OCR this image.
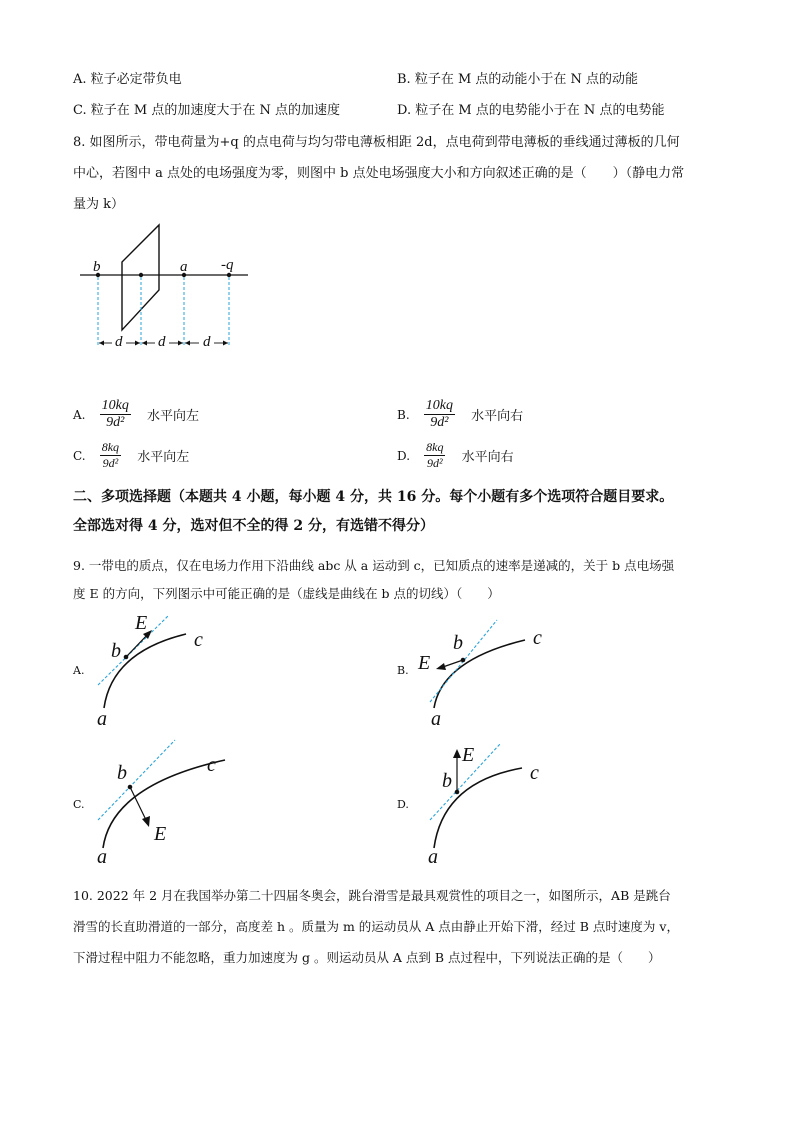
A. 粒子必定带负电	B. 粒子在 M 点的动能小于在 N 点的动能
C. 粒子在 M 点的加速度大于在 N 点的加速度	D. 粒子在 M 点的电势能小于在 N 点的电势能
8. 如图所示，带电荷量为+q 的点电荷与均匀带电薄板相距 2d，点电荷到带电薄板的垂线通过薄板的几何
中心，若图中 a 点处的电场强度为零，则图中 b 点处电场强度大小和方向叙述正确的是（　　）（静电力常
量为 k）
b	a -q
d d	d
A. $\frac{10kq}{\text{9d²}}$ 水平向左	B. $\frac{10kq}{\text{9d²}}$ 水平向右
C. $\frac{8kq}{\text{9d²}}$ 水平向左	D. $\frac{8kq}{\text{9d²}}$ 水平向右
二、多项选择题（本题共 4 小题，每小题 4 分，共 16 分。每个小题有多个选项符合题目要求。
全部选对得 4 分，选对但不全的得 2 分，有选错不得分）
9. 一带电的质点，仅在电场力作用下沿曲线 abc 从 a 运动到 c，已知质点的速率是递减的，关于 b 点电场强
度 E 的方向，下列图示中可能正确的是（虚线是曲线在 b 点的切线）（　　）
A.
a
b	c
E
B.
a
b	c
E
C.
a
b	c
E
D.
a
b	c
E
10. 2022 年 2 月在我国举办第二十四届冬奥会，跳台滑雪是最具观赏性的项目之一，如图所示，AB 是跳台
滑雪的长直助滑道的一部分，高度差 h 。质量为 m 的运动员从 A 点由静止开始下滑，经过 B 点时速度为 v，
下滑过程中阻力不能忽略，重力加速度为 g 。则运动员从 A 点到 B 点过程中，下列说法正确的是（　　）
